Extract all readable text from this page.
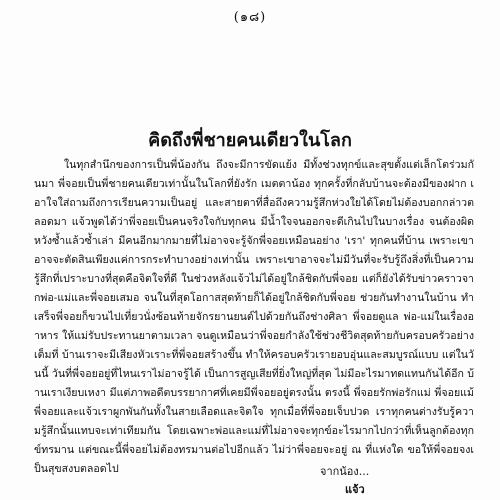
(๑๘)
คิดถึงพี่ชายคนเดียวในโลก

ในทุกสำนึกของการเป็นพี่น้องกัน ถึงจะมีการขัดแย้ง มีทั้งช่วงทุกข์และสุขตั้งแต่เล็กโตร่วมกันมา พี่จอยเป็นพี่ชายคนเดียวเท่านั้นในโลกที่ยังรัก เมตตาน้อง ทุกครั้งที่กลับบ้านจะต้องมีของฝาก เอาใจใส่ถามถึงการเรียนความเป็นอยู่ และสายตาที่สื่อถึงความรู้สึกห่วงใยได้โดยไม่ต้องบอกกล่าวตลอดมา แจ้วพูดได้ว่าพี่จอยเป็นคนจริงใจกับทุกคน มีน้ำใจจนออกจะดีเกินไปในบางเรื่อง จนต้องผิดหวังซ้ำแล้วซ้ำเล่า มีคนอีกมากมายที่ไม่อาจจะรู้จักพี่จอยเหมือนอย่าง 'เรา' ทุกคนที่บ้าน เพราะเขาอาจจะตัดสินเพียงแค่การกระทำบางอย่างเท่านั้น เพราะเขาอาจจะไม่มีวันที่จะรับรู้ถึงสิ่งที่เป็นความรู้สึกที่เปราะบางที่สุดคือจิตใจที่ดี ในช่วงหลังแจ้วไม่ได้อยู่ใกล้ชิดกับพี่จอย แต่ก็ยังได้รับข่าวคราวจากพ่อ-แม่และพี่จอยเสมอ จนในที่สุดโอกาสสุดท้ายก็ได้อยู่ใกล้ชิดกับพี่จอย ช่วยกันทำงานในบ้าน ทำเสร็จพี่จอยก็ขวนไปเที่ยวนั่งซ้อนท้ายจักรยานยนต์ไปด้วยกันถึงช่างศิลา พี่จอยดูแล พ่อ-แม่ในเรื่องอาหาร ให้แม่รับประทานยาตามเวลา จนดูเหมือนว่าพี่จอยกำลังใช้ช่วงชีวิตสุดท้ายกับครอบครัวอย่างเต็มที่ บ้านเราจะมีเสียงหัวเราะที่พี่จอยสร้างขึ้น ทำให้ครอบครัวเรายอบอุ่นและสมบูรณ์แบบ แต่ในวันนี้ วันที่พี่จอยอยู่ที่ไหนเราไม่อาจรู้ได้ เป็นการสูญเสียที่ยิ่งใหญ่ที่สุด ไม่มีอะไรมาทดแทนกันได้อีก บ้านเราเงียบเหงา มีแต่ภาพอดีตบรรยากาศที่เคยมีพี่จอยอยู่ตรงนั้น ตรงนี้ พี่จอยรักพ่อรักแม่ พี่จอยแม้พี่จอยและแจ้วเราผูกพันกันทั้งในสายเลือดและจิตใจ ทุกเมื่อที่พี่จอยเจ็บปวด เราทุกคนต่างรับรู้ความรู้สึกนั้นแทบจะเท่าเทียมกัน โดยเฉพาะพ่อและแม่ที่ไม่อาจจะทุกข์อะไรมากไปกว่าที่เห็นลูกต้องทุกข์ทรมาน แต่ขณะนี้พี่จอยไม่ต้องทรมานต่อไปอีกแล้ว ไม่ว่าพี่จอยจะอยู่ ณ ที่แห่งใด ขอให้พี่จอยจงเป็นสุขสงบตลอดไป	จากน้อง...
แจ้ว
